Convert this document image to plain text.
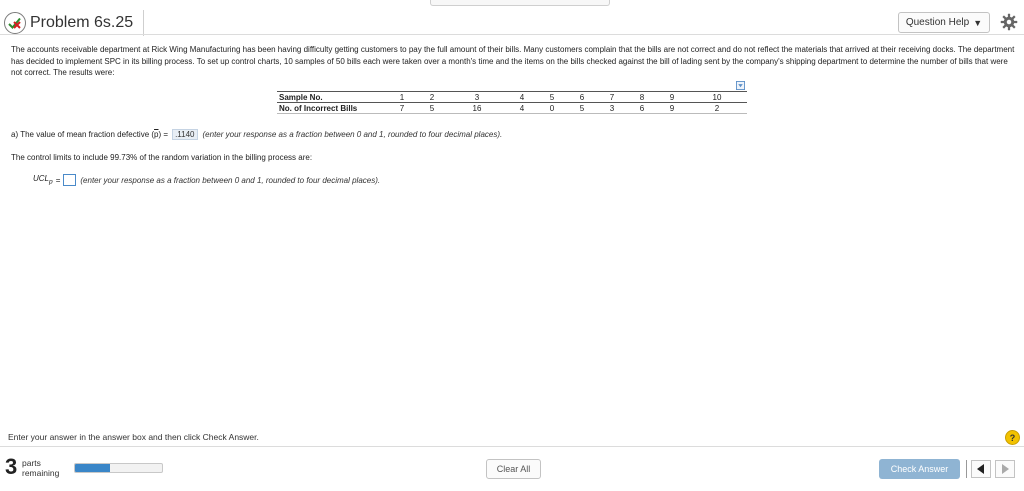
Problem 6s.25	Question Help ▼
The accounts receivable department at Rick Wing Manufacturing has been having difficulty getting customers to pay the full amount of their bills. Many customers complain that the bills are not correct and do not reflect the materials that arrived at their receiving docks. The department has decided to implement SPC in its billing process. To set up control charts, 10 samples of 50 bills each were taken over a month's time and the items on the bills checked against the bill of lading sent by the company's shipping department to determine the number of bills that were not correct. The results were:
Sample No.	1	2	3	4	5	6	7	8	9	10
No. of Incorrect Bills	7	5	16	4	0	5	3	6	9	2
a) The value of mean fraction defective ( $\overline{p}$ ) = .1140	(enter your response as a fraction between 0 and 1, rounded to four decimal places).
The control limits to include 99.73% of the random variation in the billing process are:
$UCL_p$ =	(enter your response as a fraction between 0 and 1, rounded to four decimal places).
Enter your answer in the answer box and then click Check Answer.	?
3 parts
remaining	Clear All	Check Answer
